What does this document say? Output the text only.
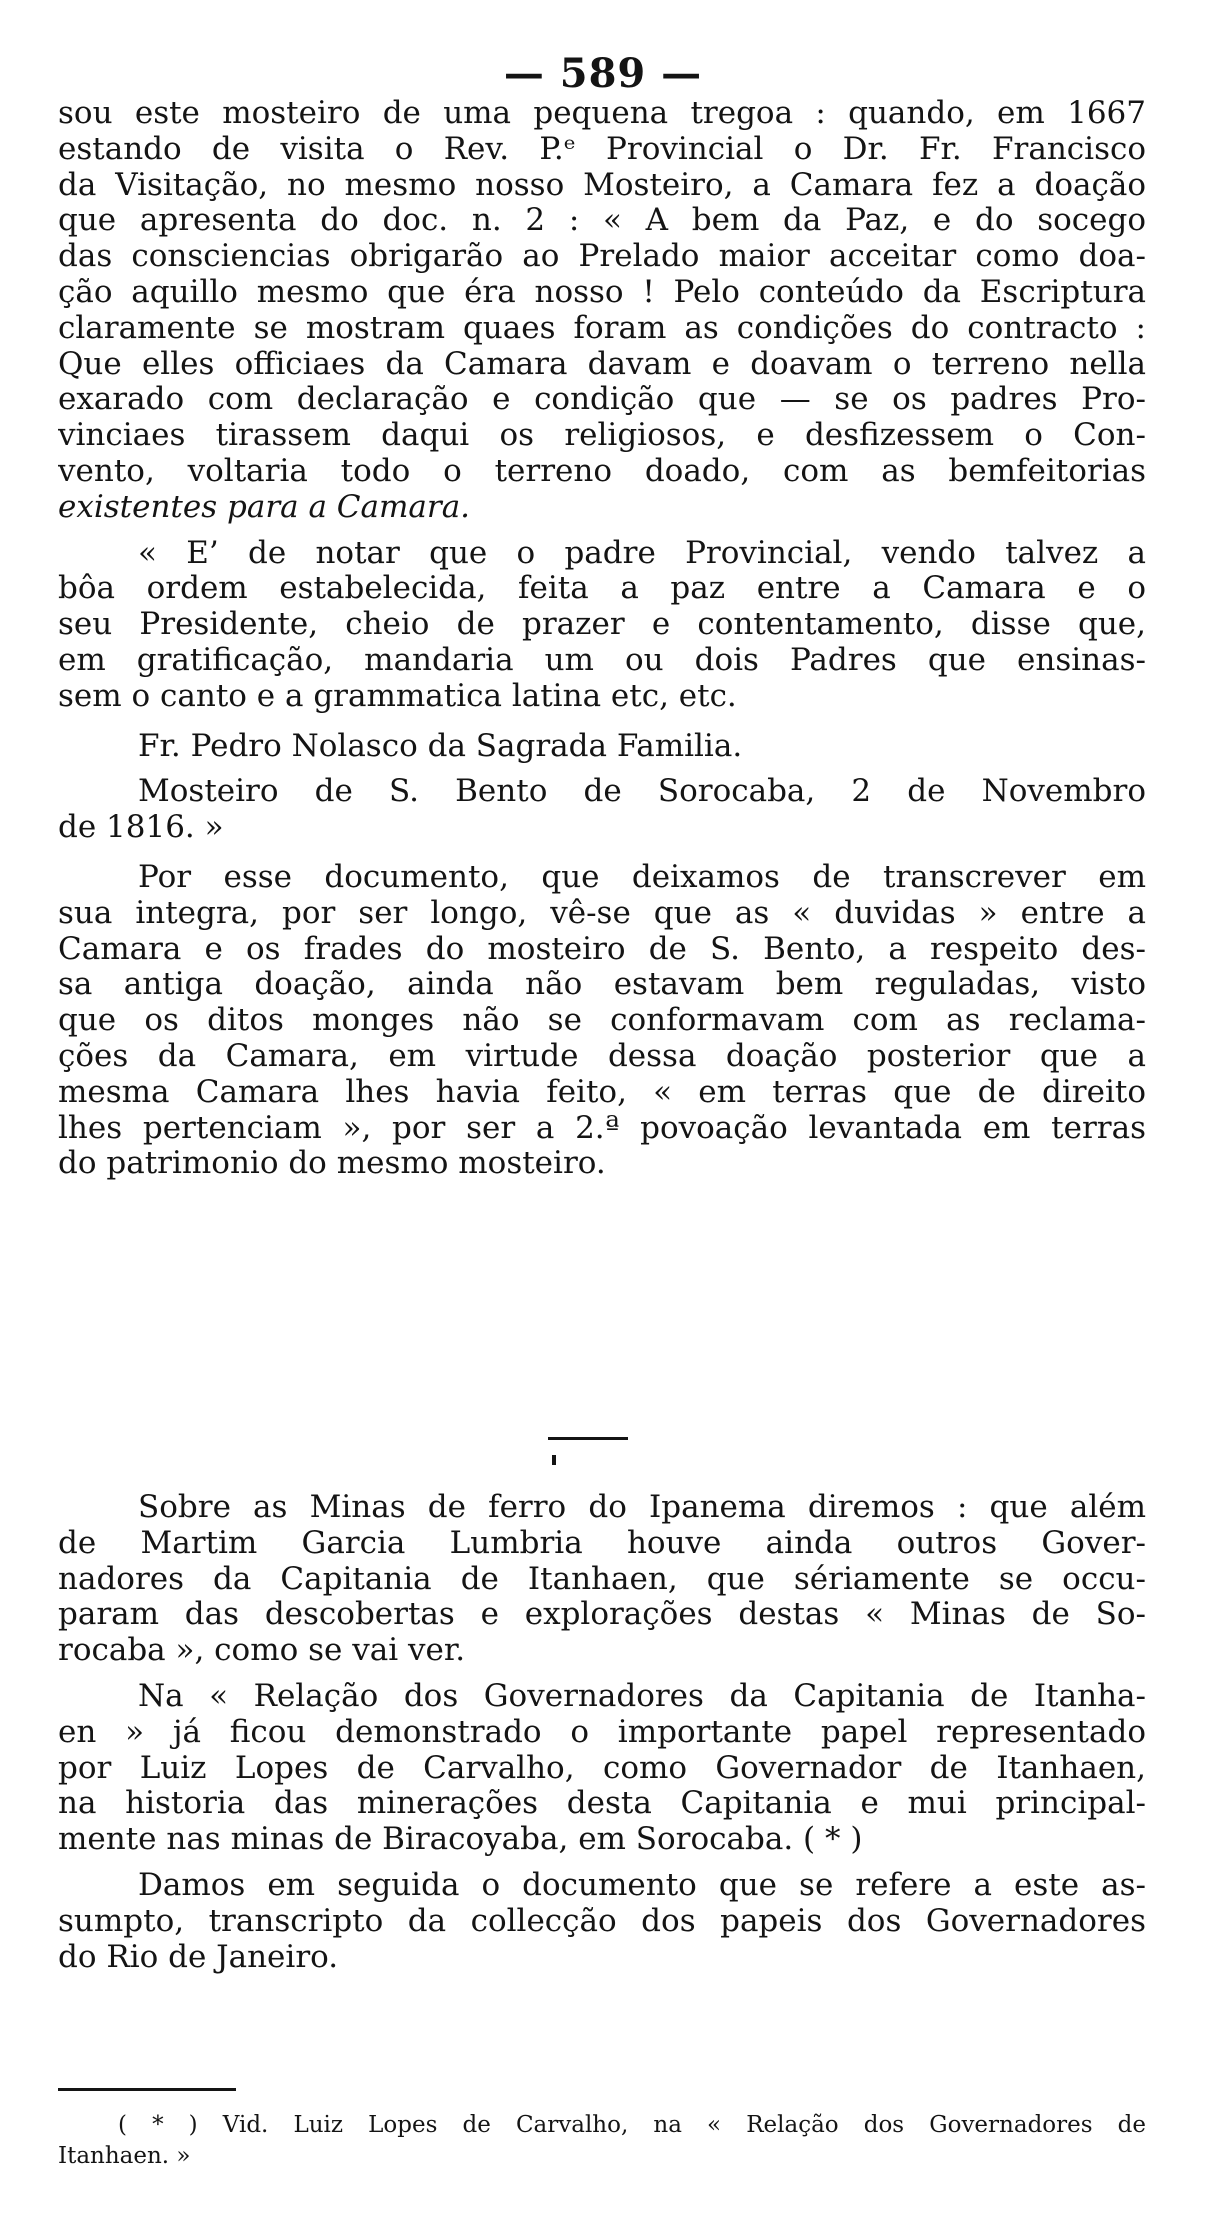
— 589 —
sou este mosteiro de uma pequena tregoa : quando, em 1667
estando de visita o Rev. P.ᵉ Provincial o Dr. Fr. Francisco
da Visitação, no mesmo nosso Mosteiro, a Camara fez a doação
que apresenta do doc. n. 2 : « A bem da Paz, e do socego
das consciencias obrigarão ao Prelado maior acceitar como doa-
ção aquillo mesmo que éra nosso ! Pelo conteúdo da Escriptura
claramente se mostram quaes foram as condições do contracto :
Que elles officiaes da Camara davam e doavam o terreno nella
exarado com declaração e condição que — se os padres Pro-
vinciaes tirassem daqui os religiosos, e desfizessem o Con-
vento, voltaria todo o terreno doado, com as bemfeitorias
existentes para a Camara.
« E’ de notar que o padre Provincial, vendo talvez a
bôa ordem estabelecida, feita a paz entre a Camara e o
seu Presidente, cheio de prazer e contentamento, disse que,
em gratificação, mandaria um ou dois Padres que ensinas-
sem o canto e a grammatica latina etc, etc.
Fr. Pedro Nolasco da Sagrada Familia.
Mosteiro de S. Bento de Sorocaba, 2 de Novembro
de 1816. »
Por esse documento, que deixamos de transcrever em
sua integra, por ser longo, vê-se que as « duvidas » entre a
Camara e os frades do mosteiro de S. Bento, a respeito des-
sa antiga doação, ainda não estavam bem reguladas, visto
que os ditos monges não se conformavam com as reclama-
ções da Camara, em virtude dessa doação posterior que a
mesma Camara lhes havia feito, « em terras que de direito
lhes pertenciam », por ser a 2.ª povoação levantada em terras
do patrimonio do mesmo mosteiro.
Sobre as Minas de ferro do Ipanema diremos : que além
de Martim Garcia Lumbria houve ainda outros Gover-
nadores da Capitania de Itanhaen, que sériamente se occu-
param das descobertas e explorações destas « Minas de So-
rocaba », como se vai ver.
Na « Relação dos Governadores da Capitania de Itanha-
en » já ficou demonstrado o importante papel representado
por Luiz Lopes de Carvalho, como Governador de Itanhaen,
na historia das minerações desta Capitania e mui principal-
mente nas minas de Biracoyaba, em Sorocaba. ( * )
Damos em seguida o documento que se refere a este as-
sumpto, transcripto da collecção dos papeis dos Governadores
do Rio de Janeiro.
( * ) Vid. Luiz Lopes de Carvalho, na « Relação dos Governadores de
Itanhaen. »
